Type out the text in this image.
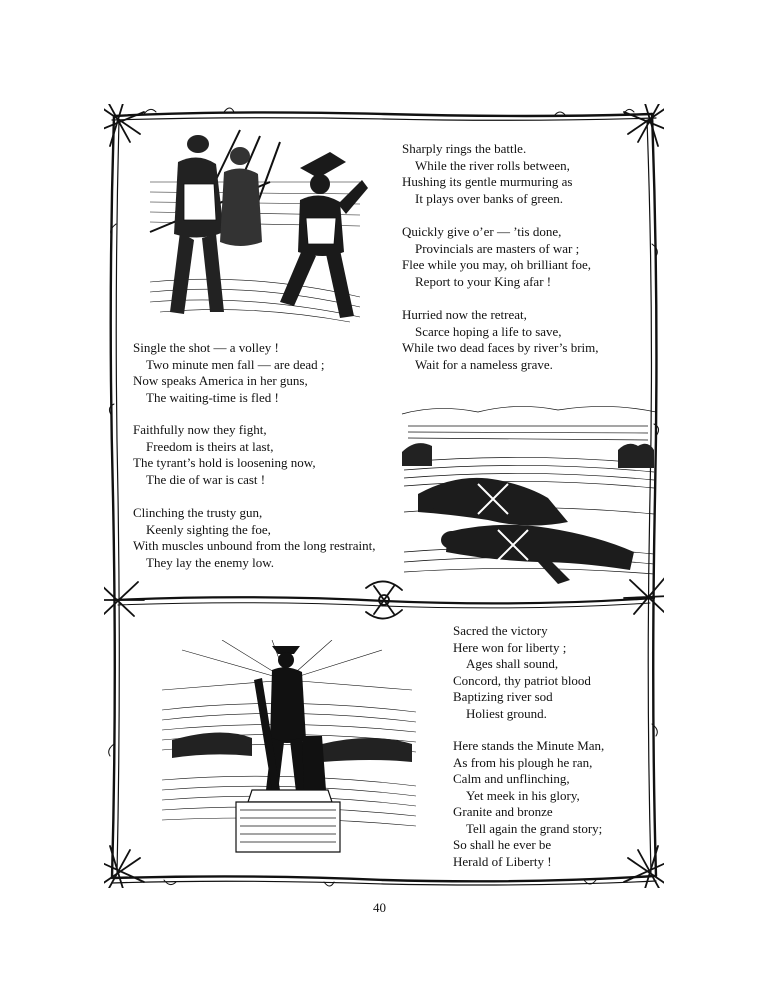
Single the shot — a volley !
Two minute men fall — are dead ;
Now speaks America in her guns,
The waiting-time is fled !
Faithfully now they fight,
Freedom is theirs at last,
The tyrant’s hold is loosening now,
The die of war is cast !
Clinching the trusty gun,
Keenly sighting the foe,
With muscles unbound from the long restraint,
They lay the enemy low.
Sharply rings the battle.
While the river rolls between,
Hushing its gentle murmuring as
It plays over banks of green.
Quickly give o’er — ’tis done,
Provincials are masters of war ;
Flee while you may, oh brilliant foe,
Report to your King afar !
Hurried now the retreat,
Scarce hoping a life to save,
While two dead faces by river’s brim,
Wait for a nameless grave.
Sacred the victory
Here won for liberty ;
Ages shall sound,
Concord, thy patriot blood
Baptizing river sod
Holiest ground.
Here stands the Minute Man,
As from his plough he ran,
Calm and unflinching,
Yet meek in his glory,
Granite and bronze
Tell again the grand story;
So shall he ever be
Herald of Liberty !
40
